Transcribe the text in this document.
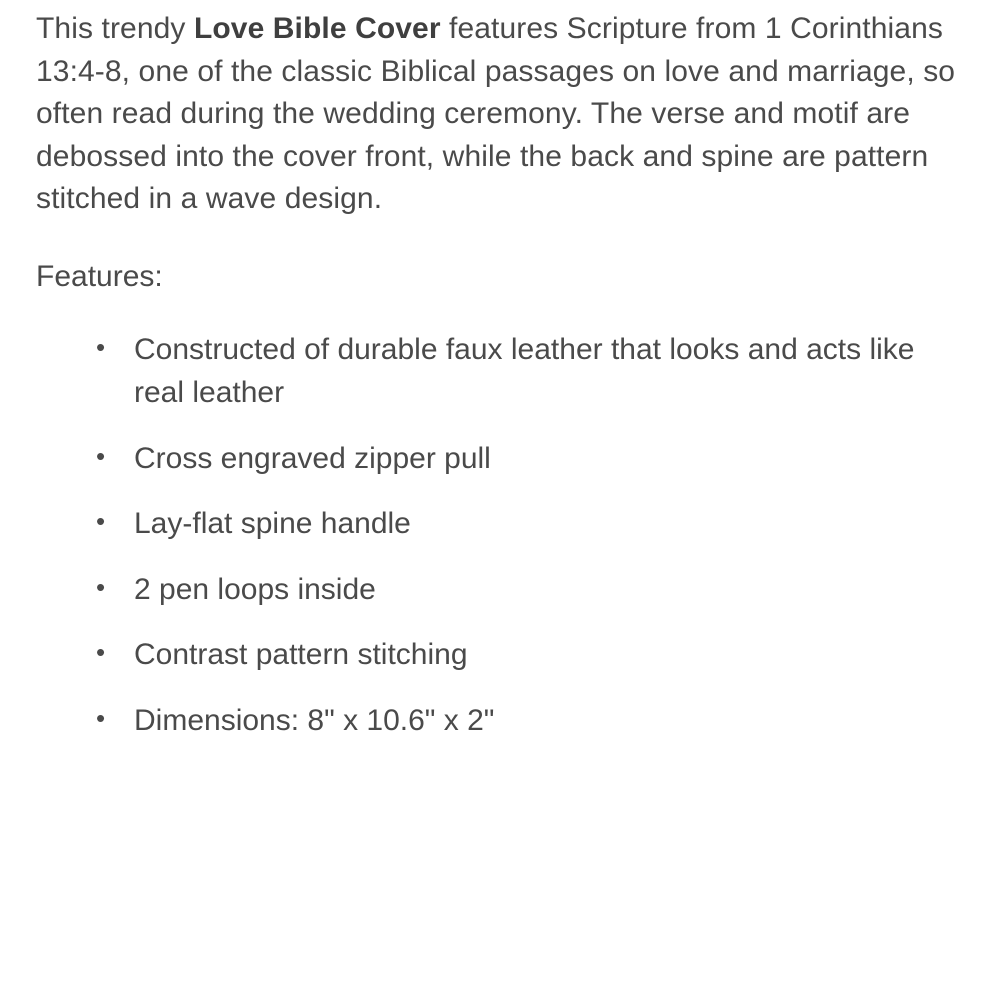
This trendy Love Bible Cover features Scripture from 1 Corinthians 13:4-8, one of the classic Biblical passages on love and marriage, so often read during the wedding ceremony. The verse and motif are debossed into the cover front, while the back and spine are pattern stitched in a wave design.

Features:

• Constructed of durable faux leather that looks and acts like real leather
• Cross engraved zipper pull
• Lay-flat spine handle
• 2 pen loops inside
• Contrast pattern stitching
• Dimensions: 8" x 10.6" x 2"
